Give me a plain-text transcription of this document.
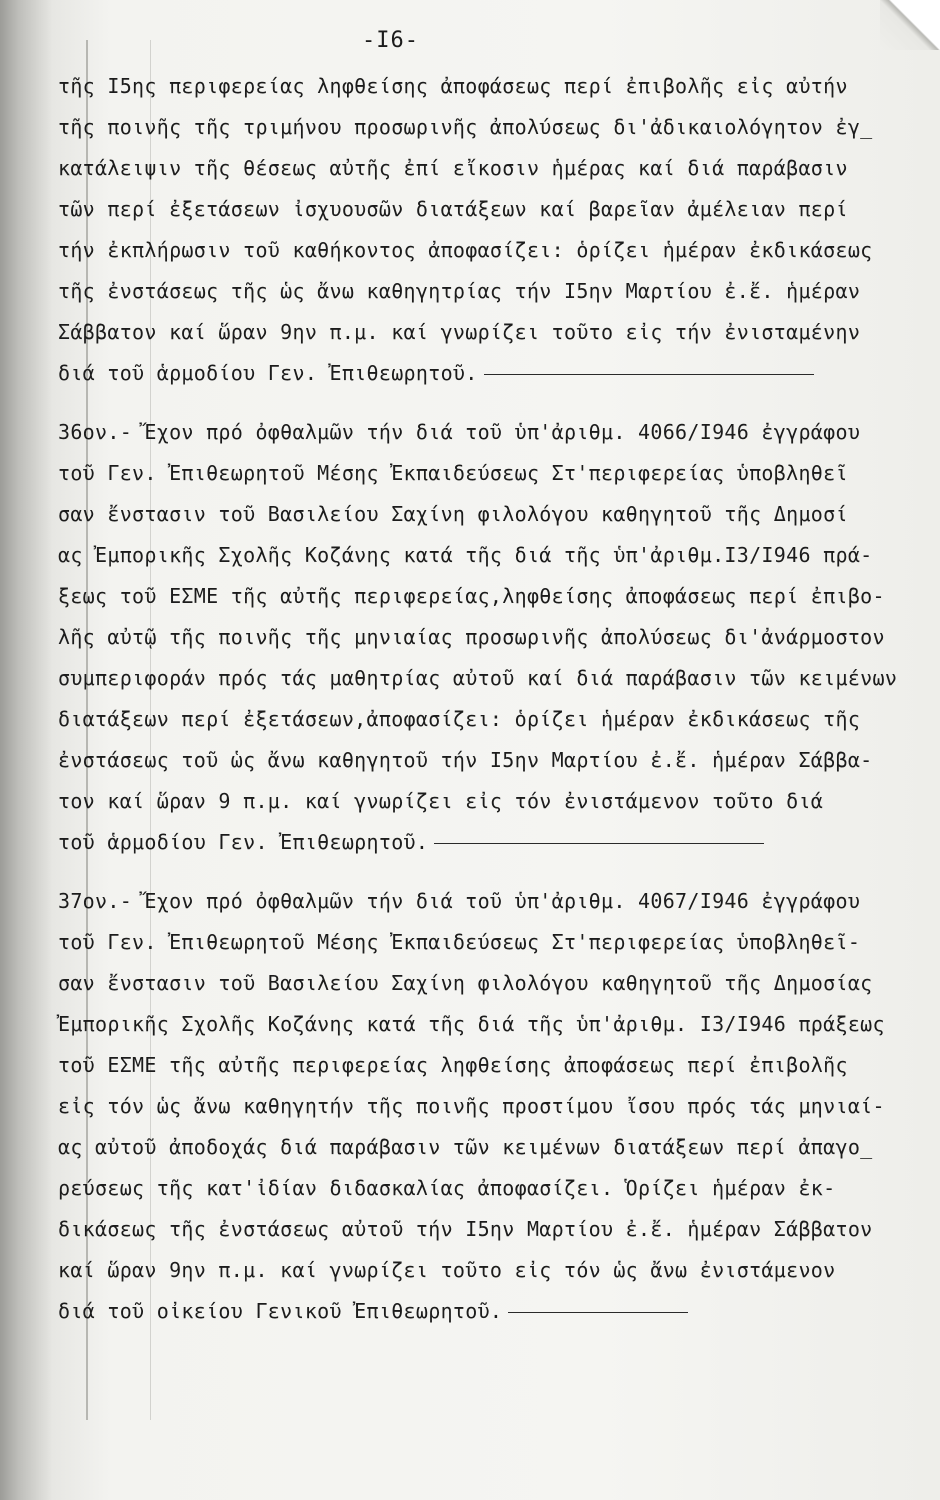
-I6-
τῆς I5ης περιφερείας ληφθείσης ἀποφάσεως περί ἐπιβολῆς εἰς αὐτήν
τῆς ποινῆς τῆς τριμήνου προσωρινῆς ἀπολύσεως δι'ἀδικαιολόγητον ἐγ_
κατάλειψιν τῆς θέσεως αὐτῆς ἐπί εἴκοσιν ἡμέρας καί διά παράβασιν
τῶν περί ἐξετάσεων ἰσχυουσῶν διατάξεων καί βαρεῖαν ἀμέλειαν περί
τήν ἐκπλήρωσιν τοῦ καθήκοντος ἀποφασίζει: ὁρίζει ἡμέραν ἐκδικάσεως
τῆς ἐνστάσεως τῆς ὡς ἄνω καθηγητρίας τήν I5ην Μαρτίου ἐ.ἔ. ἡμέραν
Σάββατον καί ὥραν 9ην π.μ. καί γνωρίζει τοῦτο εἰς τήν ἐνισταμένην
διά τοῦ ἁρμοδίου Γεν. Ἐπιθεωρητοῦ.
36ον.- Ἔχον πρό ὀφθαλμῶν τήν διά τοῦ ὑπ'ἀριθμ. 4066/I946 ἐγγράφου
τοῦ Γεν. Ἐπιθεωρητοῦ Μέσης Ἐκπαιδεύσεως Στ'περιφερείας ὑποβληθεῖ
σαν ἔνστασιν τοῦ Βασιλείου Σαχίνη φιλολόγου καθηγητοῦ τῆς Δημοσί
ας Ἐμπορικῆς Σχολῆς Κοζάνης κατά τῆς διά τῆς ὑπ'ἀριθμ.I3/I946 πρά-
ξεως τοῦ ΕΣΜΕ τῆς αὐτῆς περιφερείας,ληφθείσης ἀποφάσεως περί ἐπιβο-
λῆς αὐτῷ τῆς ποινῆς τῆς μηνιαίας προσωρινῆς ἀπολύσεως δι'ἀνάρμοστον
συμπεριφοράν πρός τάς μαθητρίας αὐτοῦ καί διά παράβασιν τῶν κειμένων
διατάξεων περί ἐξετάσεων,ἀποφασίζει: ὁρίζει ἡμέραν ἐκδικάσεως τῆς
ἐνστάσεως τοῦ ὡς ἄνω καθηγητοῦ τήν I5ην Μαρτίου ἐ.ἔ. ἡμέραν Σάββα-
τον καί ὥραν 9 π.μ. καί γνωρίζει εἰς τόν ἐνιστάμενον τοῦτο διά
τοῦ ἁρμοδίου Γεν. Ἐπιθεωρητοῦ.
37ον.- Ἔχον πρό ὀφθαλμῶν τήν διά τοῦ ὑπ'ἀριθμ. 4067/I946 ἐγγράφου
τοῦ Γεν. Ἐπιθεωρητοῦ Μέσης Ἐκπαιδεύσεως Στ'περιφερείας ὑποβληθεῖ-
σαν ἔνστασιν τοῦ Βασιλείου Σαχίνη φιλολόγου καθηγητοῦ τῆς Δημοσίας
Ἐμπορικῆς Σχολῆς Κοζάνης κατά τῆς διά τῆς ὑπ'ἀριθμ. I3/I946 πράξεως
τοῦ ΕΣΜΕ τῆς αὐτῆς περιφερείας ληφθείσης ἀποφάσεως περί ἐπιβολῆς
εἰς τόν ὡς ἄνω καθηγητήν τῆς ποινῆς προστίμου ἴσου πρός τάς μηνιαί-
ας αὐτοῦ ἀποδοχάς διά παράβασιν τῶν κειμένων διατάξεων περί ἀπαγο_
ρεύσεως τῆς κατ'ἰδίαν διδασκαλίας ἀποφασίζει. Ὁρίζει ἡμέραν ἐκ-
δικάσεως τῆς ἐνστάσεως αὐτοῦ τήν I5ην Μαρτίου ἐ.ἔ. ἡμέραν Σάββατον
καί ὥραν 9ην π.μ. καί γνωρίζει τοῦτο εἰς τόν ὡς ἄνω ἐνιστάμενον
διά τοῦ οἰκείου Γενικοῦ Ἐπιθεωρητοῦ.
